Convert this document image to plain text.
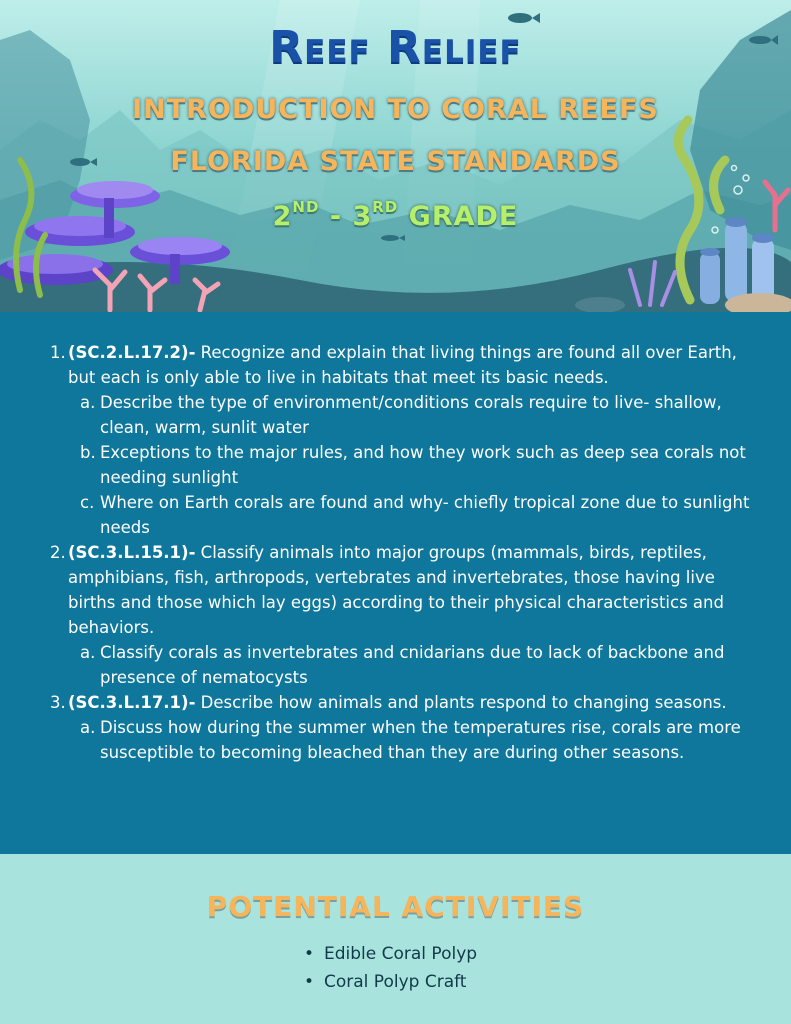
Reef Relief
INTRODUCTION TO CORAL REEFS
FLORIDA STATE STANDARDS
2ND - 3RD GRADE
1. (SC.2.L.17.2)- Recognize and explain that living things are found all over Earth, but each is only able to live in habitats that meet its basic needs.
a. Describe the type of environment/conditions corals require to live- shallow, clean, warm, sunlit water
b. Exceptions to the major rules, and how they work such as deep sea corals not needing sunlight
c. Where on Earth corals are found and why- chiefly tropical zone due to sunlight needs
2. (SC.3.L.15.1)- Classify animals into major groups (mammals, birds, reptiles, amphibians, fish, arthropods, vertebrates and invertebrates, those having live births and those which lay eggs) according to their physical characteristics and behaviors.
a. Classify corals as invertebrates and cnidarians due to lack of backbone and presence of nematocysts
3. (SC.3.L.17.1)- Describe how animals and plants respond to changing seasons.
a. Discuss how during the summer when the temperatures rise, corals are more susceptible to becoming bleached than they are during other seasons.
POTENTIAL ACTIVITIES
• Edible Coral Polyp
• Coral Polyp Craft
